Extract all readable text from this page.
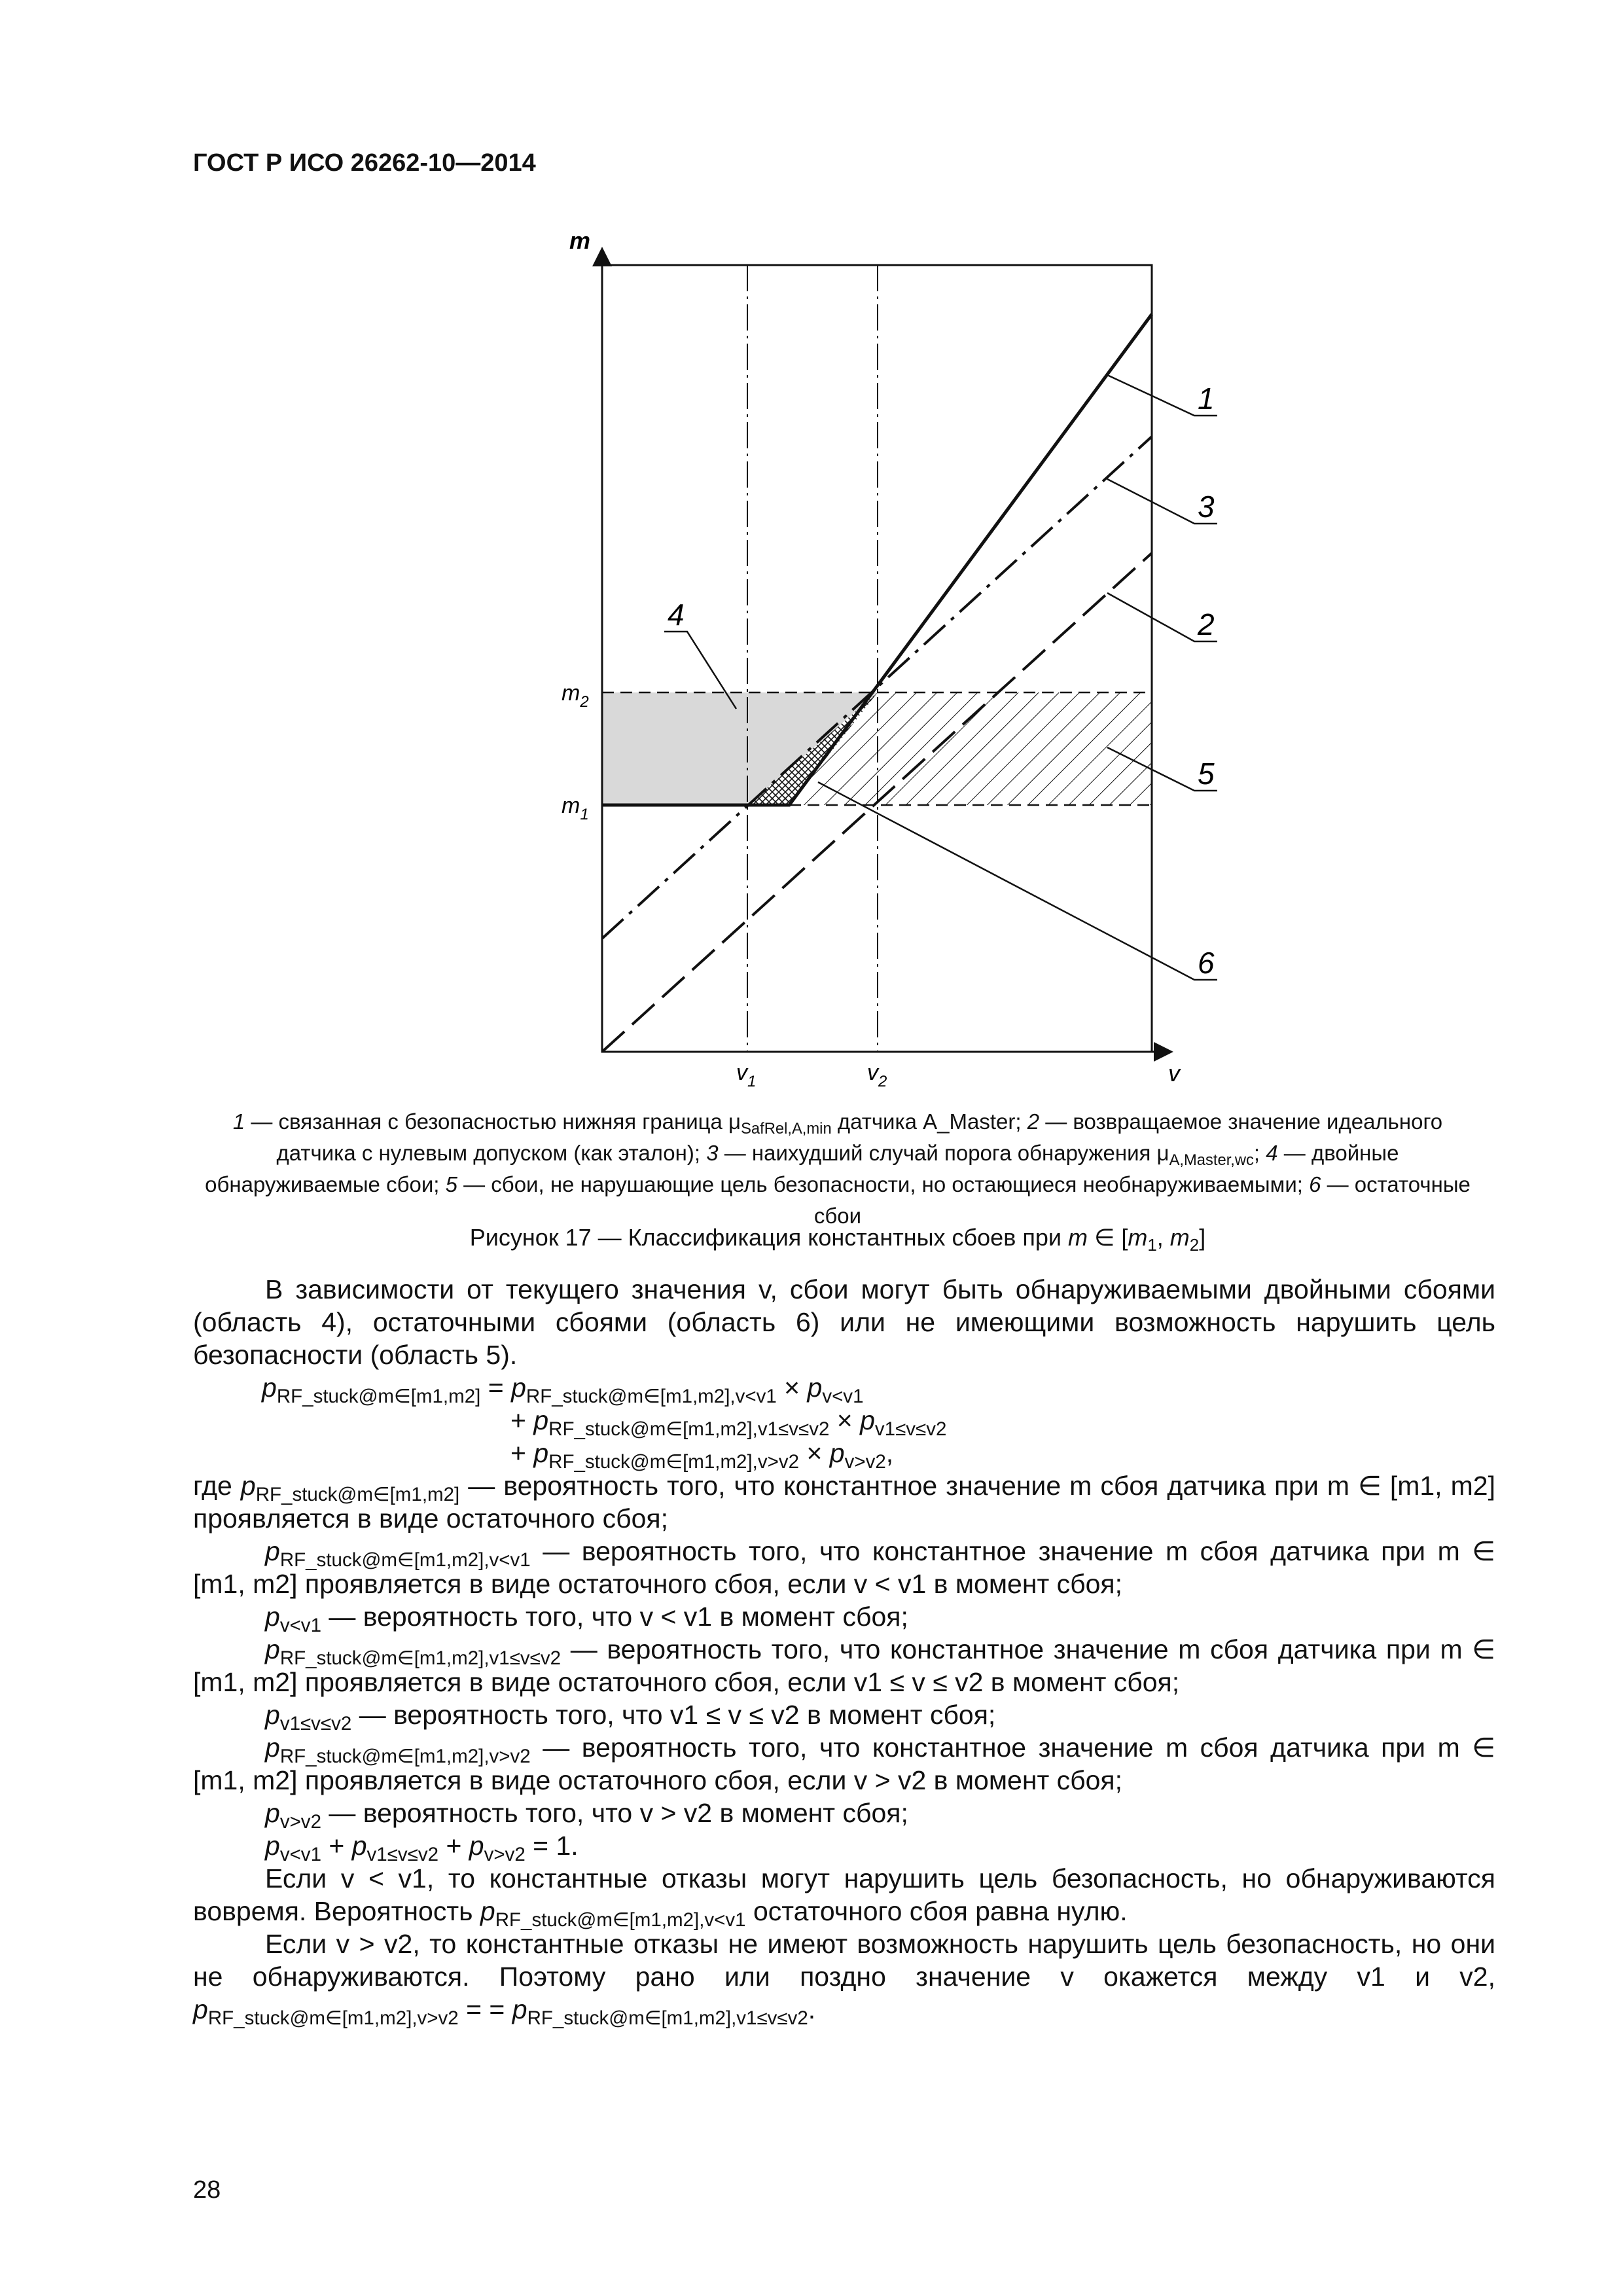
ГОСТ Р ИСО 26262-10—2014
m
v
$m_2$
$m_1$
$v_1$	$v_2$
1
3
2
4
5
6
1 — связанная с безопасностью нижняя граница $\mu_{SafRel,A,min}$ датчика A_Master; 2 — возвращаемое значение идеального датчика с нулевым допуском (как эталон); 3 — наихудший случай порога обнаружения $\mu_{A,Master,wc}$; 4 — двойные обнаруживаемые сбои; 5 — сбои, не нарушающие цель безопасности, но остающиеся необнаруживаемыми; 6 — остаточные сбои
Рисунок 17 — Классификация константных сбоев при m ∈ [$m_1$, $m_2$]

В зависимости от текущего значения v, сбои могут быть обнаруживаемыми двойными сбоями (область 4), остаточными сбоями (область 6) или не имеющими возможность нарушить цель безопасности (область 5).

$p_{RF\_stuck@m\in[m1,m2]} = p_{RF\_stuck@m\in[m1,m2],v<v1} \times p_{v<v1}$

+ $p_{RF\_stuck@m\in[m1,m2],v1\le v\le v2} \times p_{v1\le v\le v2}$

+ $p_{RF\_stuck@m\in[m1,m2],v>v2} \times p_{v>v2}$,

где $p_{RF\_stuck@m\in[m1,m2]}$ — вероятность того, что константное значение m сбоя датчика при m ∈ [m1, m2] проявляется в виде остаточного сбоя;

$p_{RF\_stuck@m\in[m1,m2],v<v1}$ — вероятность того, что константное значение m сбоя датчика при m ∈ [m1, m2] проявляется в виде остаточного сбоя, если v < v1 в момент сбоя;

$p_{v<v1}$ — вероятность того, что v < v1 в момент сбоя;

$p_{RF\_stuck@m\in[m1,m2],v1\le v\le v2}$ — вероятность того, что константное значение m сбоя датчика при m ∈ [m1, m2] проявляется в виде остаточного сбоя, если v1 ≤ v ≤ v2 в момент сбоя;

$p_{v1\le v\le v2}$ — вероятность того, что v1 ≤ v ≤ v2 в момент сбоя;

$p_{RF\_stuck@m\in[m1,m2],v>v2}$ — вероятность того, что константное значение m сбоя датчика при m ∈ [m1, m2] проявляется в виде остаточного сбоя, если v > v2 в момент сбоя;

$p_{v>v2}$ — вероятность того, что v > v2 в момент сбоя;

$p_{v<v1} + p_{v1\le v\le v2} + p_{v>v2} = 1$.

Если v < v1, то константные отказы могут нарушить цель безопасность, но обнаруживаются вовремя. Вероятность $p_{RF\_stuck@m\in[m1,m2],v<v1}$ остаточного сбоя равна нулю.

Если v > v2, то константные отказы не имеют возможность нарушить цель безопасность, но они не обнаруживаются. Поэтому рано или поздно значение v окажется между v1 и v2, $p_{RF\_stuck@m\in[m1,m2],v>v2}$ = = $p_{RF\_stuck@m\in[m1,m2],v1\le v\le v2}$.

28
